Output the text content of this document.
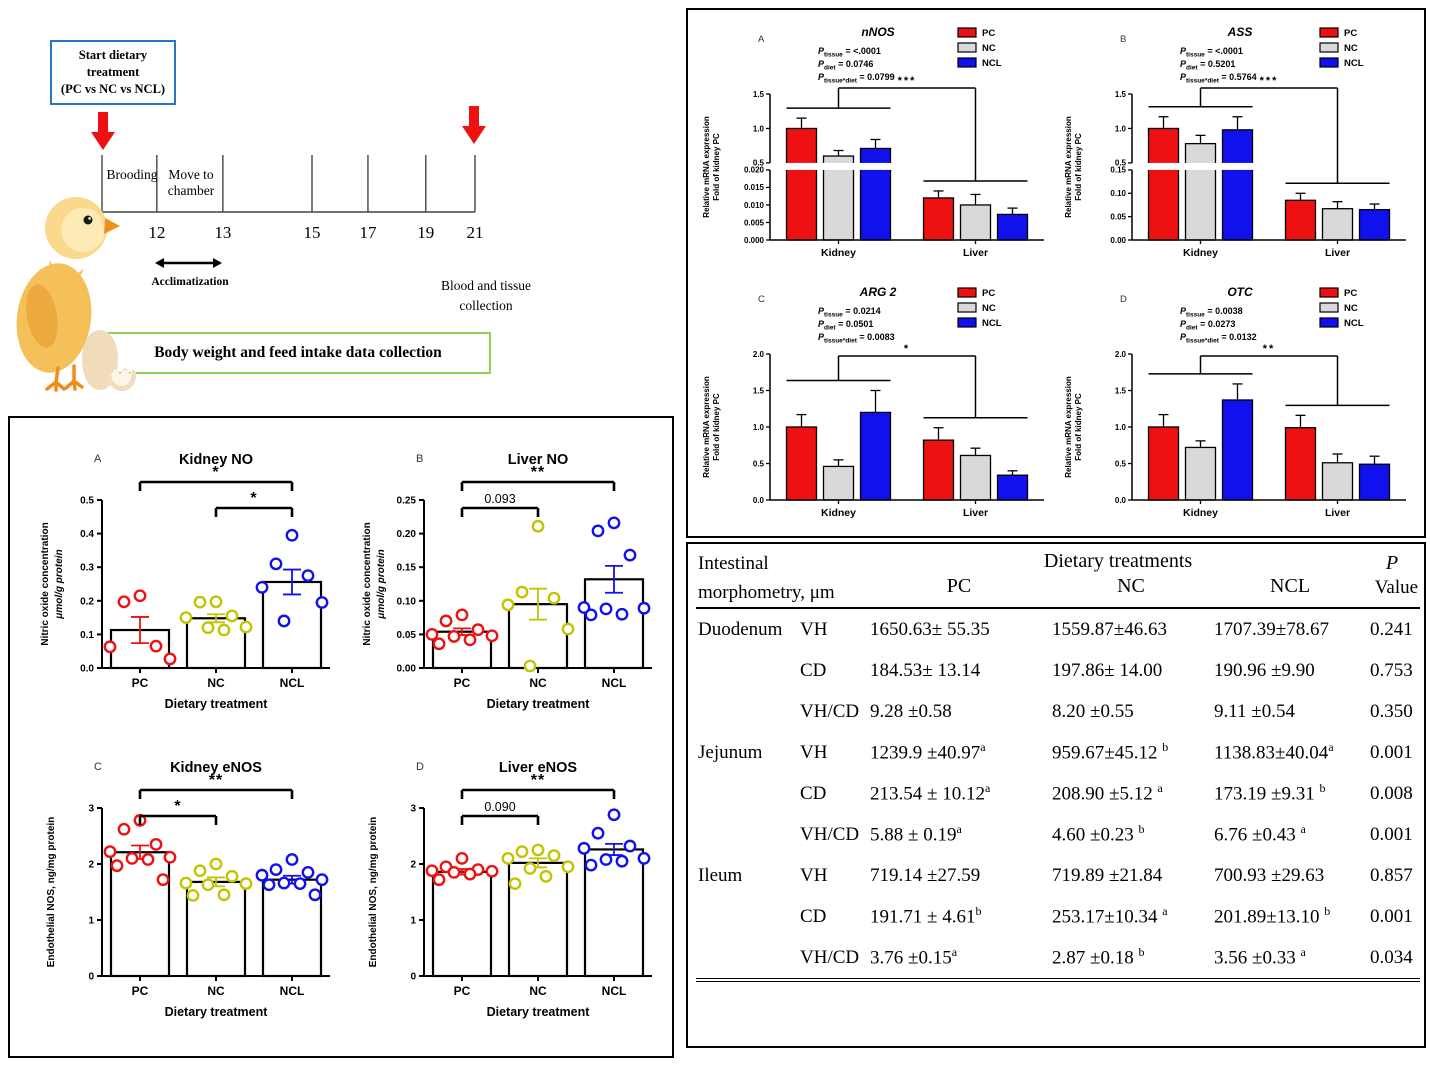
12	13	15 17 19 21
Start dietary treatment
(PC vs NC vs NCL)
Brooding Move to chamber
Acclimatization	Blood and tissue collection
Body weight and feed intake data collection
A	Kidney NO
0.0
0.1
0.2
0.3
0.4
0.5
Nitric oxide concentration μmol/g protein
PC	NC	NCL
Dietary treatment
*
*
B	Liver NO
0.00
0.05
0.10
0.15
0.20
0.25
Nitric oxide concentration μmol/g protein
PC	NC	NCL
Dietary treatment
**
0.093
C	Kidney eNOS
0
1
2
3
Endothelial NOS, ng/mg protein
PC	NC	NCL
Dietary treatment
**
*
D	Liver eNOS
0
1
2
3
Endothelial NOS, ng/mg protein
PC	NC	NCL
Dietary treatment
**
0.090
A
nNOS
$P_{tissue} = <.0001$
$P_{diet} = 0.0746$
$P_{tissue*diet} = 0.0799$
PC
NC
NCL
0.000
0.005
0.010
0.015
0.020
0.5
1.0
1.5
Kidney	Liver
Relative mRNA expression Fold of kidney PC
***
B
ASS
$P_{tissue} = <.0001$
$P_{diet} = 0.5201$
$P_{tissue*diet} = 0.5764$
PC
NC
NCL
0.00
0.05
0.10
0.15
0.5
1.0
1.5
Kidney	Liver
Relative mRNA expression Fold of kidney PC
***
C
ARG 2
$P_{tissue} = 0.0214$
$P_{diet} = 0.0501$
$P_{tissue*diet} = 0.0083$
PC
NC
NCL
0.0
0.5
1.0
1.5
2.0
Kidney	Liver
Relative mRNA expression Fold of kidney PC
*
D
OTC
$P_{tissue} = 0.0038$
$P_{diet} = 0.0273$
$P_{tissue*diet} = 0.0132$
PC
NC
NCL
0.0
0.5
1.0
1.5
2.0
Kidney	Liver
Relative mRNA expression Fold of kidney PC
**
Intestinal morphometry, μm		Dietary treatments			P
Value

		PC	NC	NCL	
Duodenum	VH	1650.63± 55.35	1559.87±46.63	1707.39±78.67	0.241
	CD	184.53± 13.14	197.86± 14.00	190.96 ±9.90	0.753
	VH/CD	9.28 ±0.58	8.20 ±0.55	9.11 ±0.54	0.350
Jejunum	VH	1239.9 ±40.97$^a$	959.67±45.12 $^b$	1138.83±40.04$^a$	0.001
	CD	213.54 ± 10.12$^a$	208.90 ±5.12 $^a$	173.19 ±9.31 $^b$	0.008
	VH/CD	5.88 ± 0.19$^a$	4.60 ±0.23 $^b$	6.76 ±0.43 $^a$	0.001
Ileum	VH	719.14 ±27.59	719.89 ±21.84	700.93 ±29.63	0.857
	CD	191.71 ± 4.61$^b$	253.17±10.34 $^a$	201.89±13.10 $^b$	0.001
	VH/CD	3.76 ±0.15$^a$	2.87 ±0.18 $^b$	3.56 ±0.33 $^a$	0.034
